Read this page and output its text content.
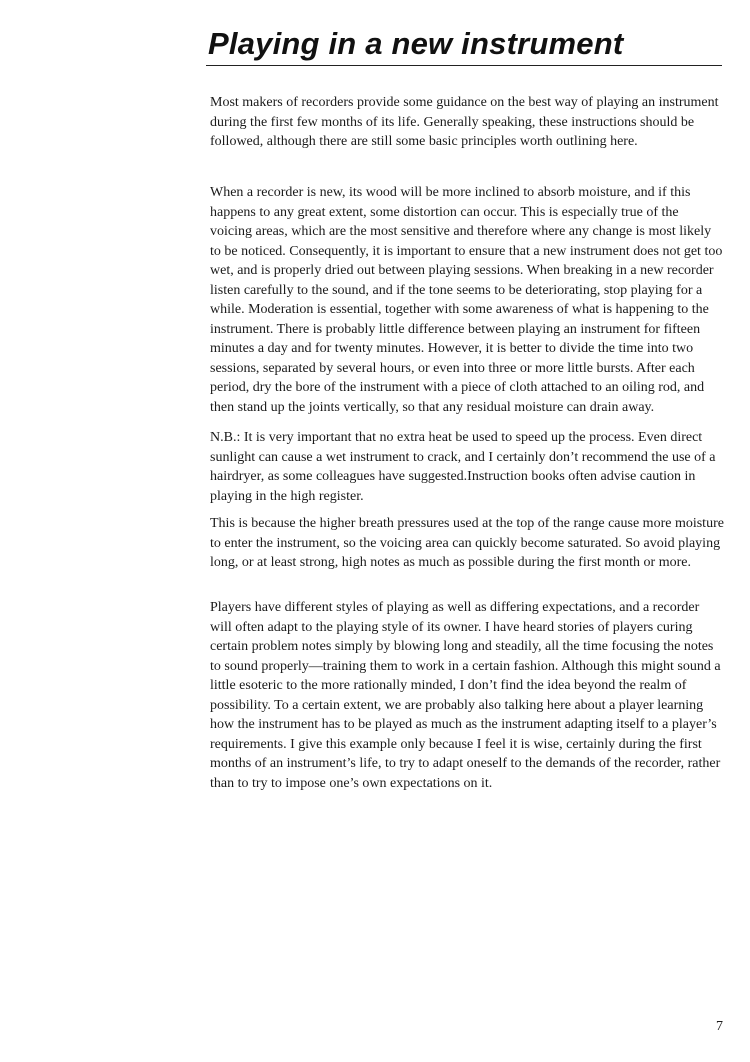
Playing in a new instrument

Most makers of recorders provide some guidance on the best way of playing an instrument during the first few months of its life. Generally speaking, these instructions should be followed, although there are still some basic principles worth outlining here.

When a recorder is new, its wood will be more inclined to absorb moisture, and if this happens to any great extent, some distortion can occur. This is especially true of the voicing areas, which are the most sensitive and therefore where any change is most likely to be noticed. Consequently, it is important to ensure that a new instrument does not get too wet, and is properly dried out between playing sessions. When breaking in a new recorder listen carefully to the sound, and if the tone seems to be deteriorating, stop playing for a while. Moderation is essential, together with some awareness of what is happening to the instrument. There is probably little difference between playing an instrument for fifteen minutes a day and for twenty minutes. However, it is better to divide the time into two sessions, separated by several hours, or even into three or more little bursts. After each period, dry the bore of the instrument with a piece of cloth attached to an oiling rod, and then stand up the joints vertically, so that any residual moisture can drain away.

N.B.: It is very important that no extra heat be used to speed up the process. Even direct sunlight can cause a wet instrument to crack, and I certainly don’t recommend the use of a hairdryer, as some colleagues have suggested.Instruction books often advise caution in playing in the high register.

This is because the higher breath pressures used at the top of the range cause more moisture to enter the instrument, so the voicing area can quickly become saturated. So avoid playing long, or at least strong, high notes as much as possible during the first month or more.

Players have different styles of playing as well as differing expectations, and a recorder will often adapt to the playing style of its owner. I have heard stories of players curing certain problem notes simply by blowing long and steadily, all the time focusing the notes to sound properly—training them to work in a certain fashion. Although this might sound a little esoteric to the more rationally minded, I don’t find the idea beyond the realm of possibility. To a certain extent, we are probably also talking here about a player learning how the instrument has to be played as much as the instrument adapting itself to a player’s requirements. I give this example only because I feel it is wise, certainly during the first months of an instrument’s life, to try to adapt oneself to the demands of the recorder, rather than to try to impose one’s own expectations on it.

7
